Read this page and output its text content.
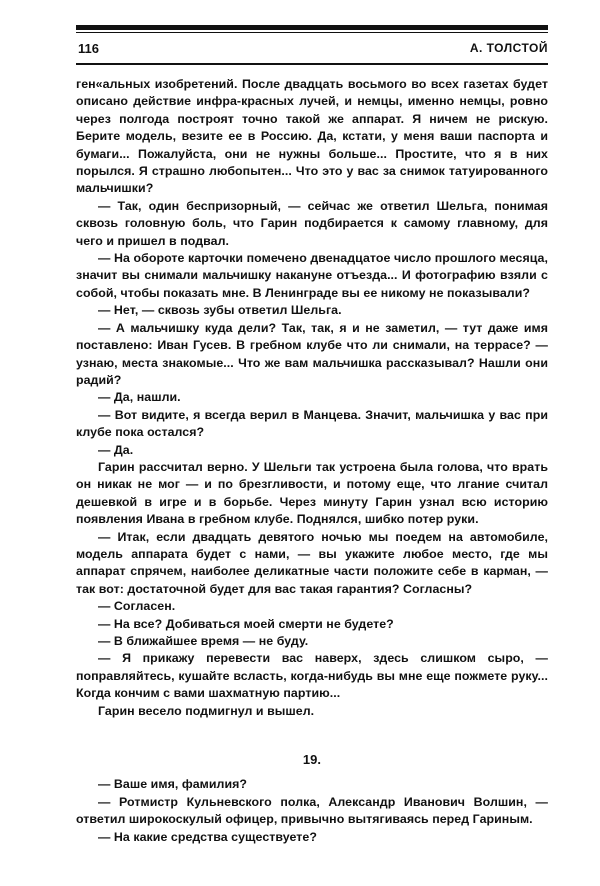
116	А. ТОЛСТОЙ

ген«альных изобретений. После двадцать восьмого во всех газетах будет описано действие инфра-красных лучей, и немцы, именно немцы, ровно через полгода построят точно такой же аппарат. Я ничем не рискую. Берите модель, везите ее в Россию. Да, кстати, у меня ваши паспорта и бумаги... Пожалуйста, они не нужны больше... Простите, что я в них порылся. Я страшно любопытен... Что это у вас за снимок татуированного мальчишки?

— Так, один беспризорный, — сейчас же ответил Шельга, понимая сквозь головную боль, что Гарин подбирается к самому главному, для чего и пришел в подвал.

— На обороте карточки помечено двенадцатое число прошлого месяца, значит вы снимали мальчишку накануне отъезда... И фотографию взяли с собой, чтобы показать мне. В Ленинграде вы ее никому не показывали?

— Нет, — сквозь зубы ответил Шельга.

— А мальчишку куда дели? Так, так, я и не заметил, — тут даже имя поставлено: Иван Гусев. В гребном клубе что ли снимали, на террасе? — узнаю, места знакомые... Что же вам мальчишка рассказывал? Нашли они радий?

— Да, нашли.

— Вот видите, я всегда верил в Манцева. Значит, мальчишка у вас при клубе пока остался?

— Да.

Гарин рассчитал верно. У Шельги так устроена была голова, что врать он никак не мог — и по брезгливости, и потому еще, что лгание считал дешевкой в игре и в борьбе. Через минуту Гарин узнал всю историю появления Ивана в гребном клубе. Поднялся, шибко потер руки.

— Итак, если двадцать девятого ночью мы поедем на автомобиле, модель аппарата будет с нами, — вы укажите любое место, где мы аппарат спрячем, наиболее деликатные части положите себе в карман, — так вот: достаточной будет для вас такая гарантия? Согласны?

— Согласен.

— На все? Добиваться моей смерти не будете?

— В ближайшее время — не буду.

— Я прикажу перевести вас наверх, здесь слишком сыро, — поправляйтесь, кушайте всласть, когда-нибудь вы мне еще пожмете руку... Когда кончим с вами шахматную партию...

Гарин весело подмигнул и вышел.

19.

— Ваше имя, фамилия?

— Ротмистр Кульневского полка, Александр Иванович Волшин, — ответил широкоскулый офицер, привычно вытягиваясь перед Гариным.

— На какие средства существуете?
